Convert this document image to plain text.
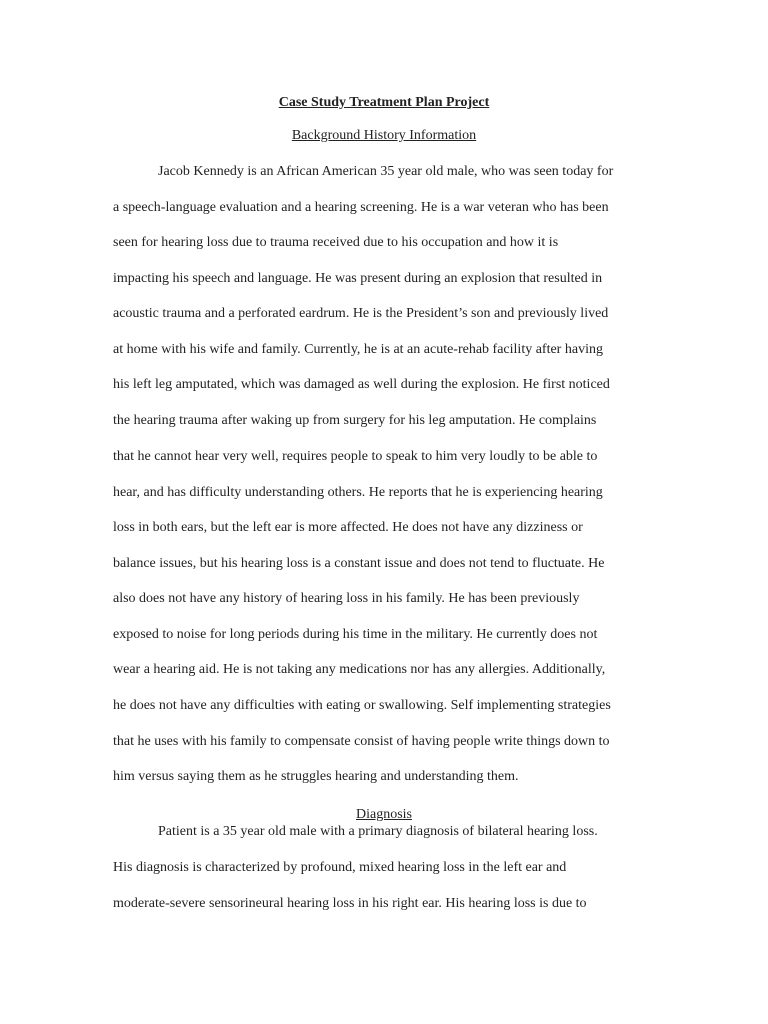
Case Study Treatment Plan Project
Background History Information
Jacob Kennedy is an African American 35 year old male, who was seen today for
a speech-language evaluation and a hearing screening. He is a war veteran who has been
seen for hearing loss due to trauma received due to his occupation and how it is
impacting his speech and language. He was present during an explosion that resulted in
acoustic trauma and a perforated eardrum. He is the President’s son and previously lived
at home with his wife and family. Currently, he is at an acute-rehab facility after having
his left leg amputated, which was damaged as well during the explosion. He first noticed
the hearing trauma after waking up from surgery for his leg amputation. He complains
that he cannot hear very well, requires people to speak to him very loudly to be able to
hear, and has difficulty understanding others. He reports that he is experiencing hearing
loss in both ears, but the left ear is more affected. He does not have any dizziness or
balance issues, but his hearing loss is a constant issue and does not tend to fluctuate. He
also does not have any history of hearing loss in his family. He has been previously
exposed to noise for long periods during his time in the military. He currently does not
wear a hearing aid. He is not taking any medications nor has any allergies. Additionally,
he does not have any difficulties with eating or swallowing. Self implementing strategies
that he uses with his family to compensate consist of having people write things down to
him versus saying them as he struggles hearing and understanding them.
Diagnosis
Patient is a 35 year old male with a primary diagnosis of bilateral hearing loss.
His diagnosis is characterized by profound, mixed hearing loss in the left ear and
moderate-severe sensorineural hearing loss in his right ear. His hearing loss is due to
